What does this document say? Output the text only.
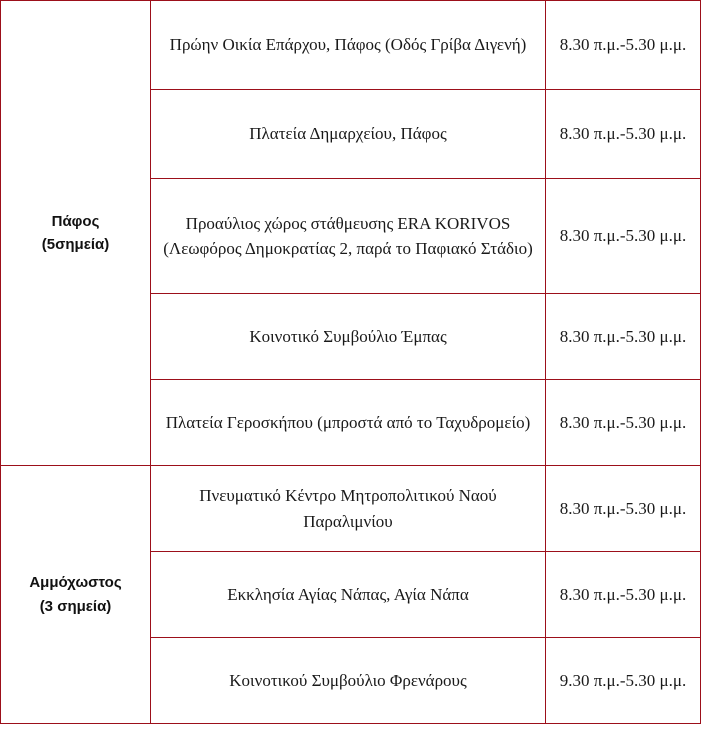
Πάφος
(5σημεία)	Πρώην Οικία Επάρχου, Πάφος (Οδός Γρίβα Διγενή)	8.30 π.μ.-5.30 μ.μ.
	Πλατεία Δημαρχείου, Πάφος	8.30 π.μ.-5.30 μ.μ.
	Προαύλιος χώρος στάθμευσης ERA KORIVOS (Λεωφόρος Δημοκρατίας 2, παρά το Παφιακό Στάδιο)	8.30 π.μ.-5.30 μ.μ.
	Κοινοτικό Συμβούλιο Έμπας	8.30 π.μ.-5.30 μ.μ.
	Πλατεία Γεροσκήπου (μπροστά από το Ταχυδρομείο)	8.30 π.μ.-5.30 μ.μ.

Αμμόχωστος
(3 σημεία)	Πνευματικό Κέντρο Μητροπολιτικού Ναού Παραλιμνίου	8.30 π.μ.-5.30 μ.μ.
	Εκκλησία Αγίας Νάπας, Αγία Νάπα	8.30 π.μ.-5.30 μ.μ.
	Κοινοτικού Συμβούλιο Φρενάρους	9.30 π.μ.-5.30 μ.μ.
